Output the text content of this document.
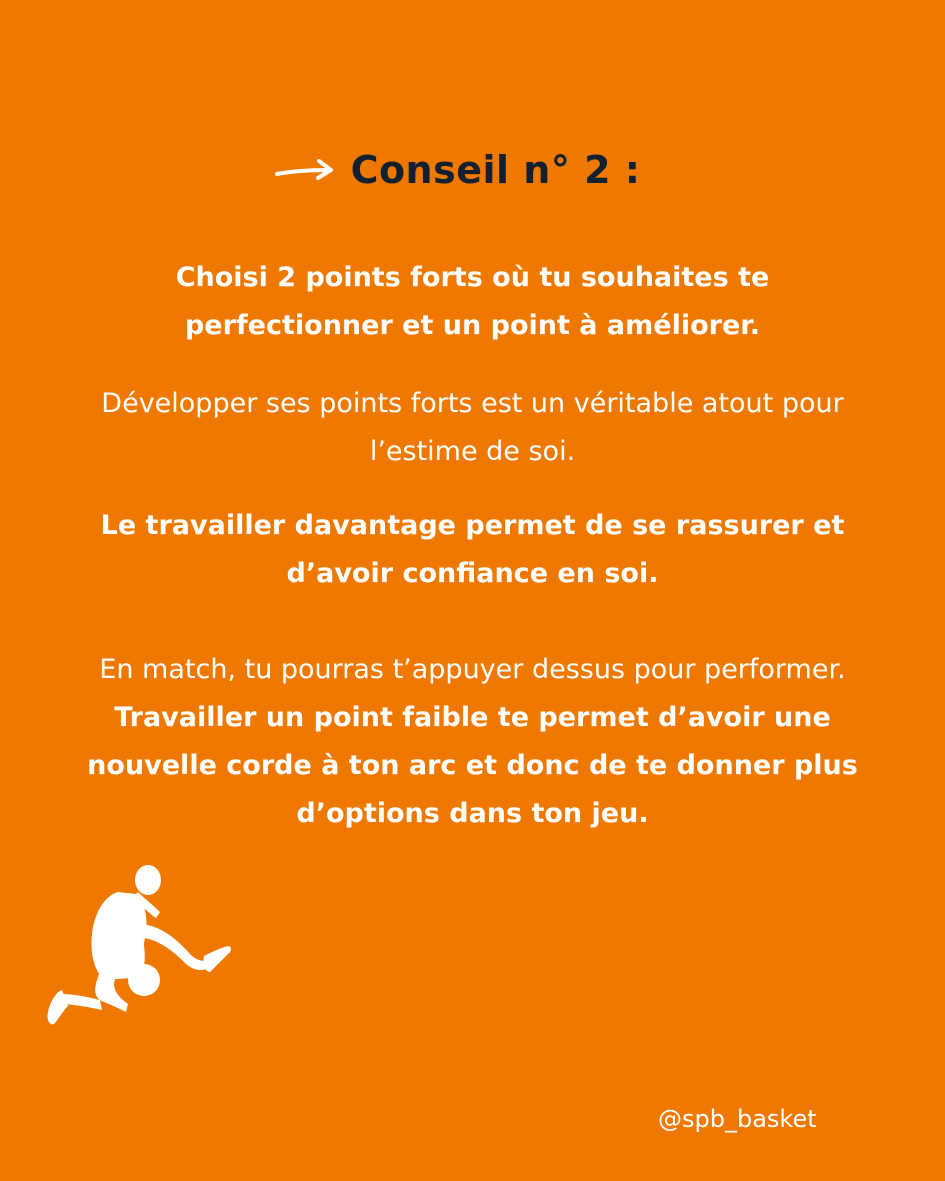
Conseil n° 2 :

Choisi 2 points forts où tu souhaites te perfectionner et un point à améliorer.

Développer ses points forts est un véritable atout pour l’estime de soi.

Le travailler davantage permet de se rassurer et d’avoir confiance en soi.

En match, tu pourras t’appuyer dessus pour performer. Travailler un point faible te permet d’avoir une nouvelle corde à ton arc et donc de te donner plus d’options dans ton jeu.

@spb_basket
